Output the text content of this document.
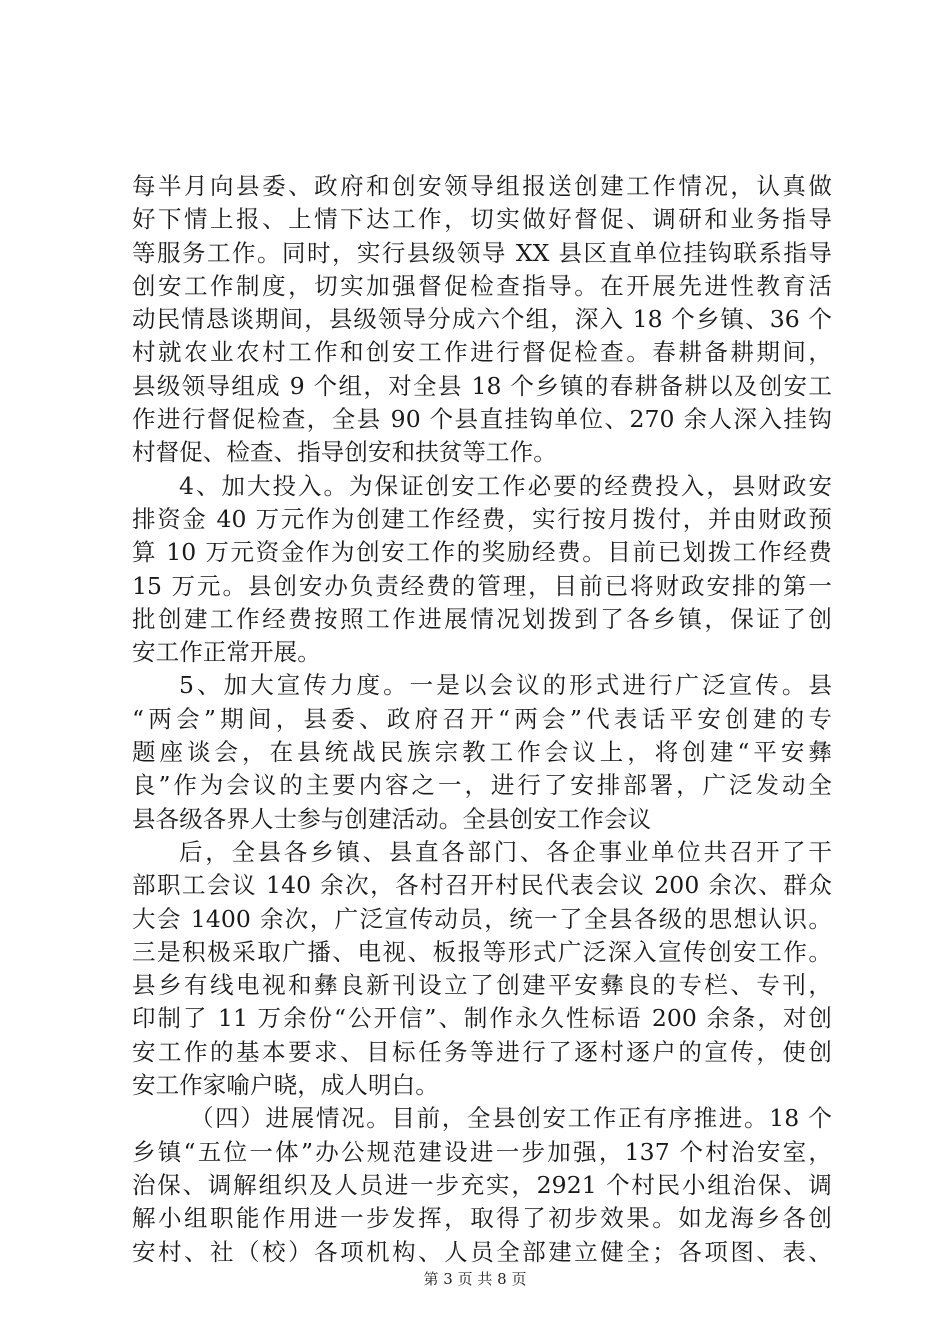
每半月向县委、政府和创安领导组报送创建工作情况，认真做
好下情上报、上情下达工作，切实做好督促、调研和业务指导
等服务工作。同时，实行县级领导 XX 县区直单位挂钩联系指导
创安工作制度，切实加强督促检查指导。在开展先进性教育活
动民情恳谈期间，县级领导分成六个组，深入 18 个乡镇、36 个
村就农业农村工作和创安工作进行督促检查。春耕备耕期间，
县级领导组成 9 个组，对全县 18 个乡镇的春耕备耕以及创安工
作进行督促检查，全县 90 个县直挂钩单位、270 余人深入挂钩
村督促、检查、指导创安和扶贫等工作。
4、加大投入。为保证创安工作必要的经费投入，县财政安
排资金 40 万元作为创建工作经费，实行按月拨付，并由财政预
算 10 万元资金作为创安工作的奖励经费。目前已划拨工作经费
15 万元。县创安办负责经费的管理，目前已将财政安排的第一
批创建工作经费按照工作进展情况划拨到了各乡镇，保证了创
安工作正常开展。
5、加大宣传力度。一是以会议的形式进行广泛宣传。县
“两会”期间，县委、政府召开“两会”代表话平安创建的专
题座谈会，在县统战民族宗教工作会议上，将创建“平安彝
良”作为会议的主要内容之一，进行了安排部署，广泛发动全
县各级各界人士参与创建活动。全县创安工作会议
后，全县各乡镇、县直各部门、各企事业单位共召开了干
部职工会议 140 余次，各村召开村民代表会议 200 余次、群众
大会 1400 余次，广泛宣传动员，统一了全县各级的思想认识。
三是积极采取广播、电视、板报等形式广泛深入宣传创安工作。
县乡有线电视和彝良新刊设立了创建平安彝良的专栏、专刊，
印制了 11 万余份“公开信”、制作永久性标语 200 余条，对创
安工作的基本要求、目标任务等进行了逐村逐户的宣传，使创
安工作家喻户晓，成人明白。
（四）进展情况。目前，全县创安工作正有序推进。18 个
乡镇“五位一体”办公规范建设进一步加强，137 个村治安室，
治保、调解组织及人员进一步充实，2921 个村民小组治保、调
解小组职能作用进一步发挥，取得了初步效果。如龙海乡各创
安村、社（校）各项机构、人员全部建立健全；各项图、表、
第 3 页 共 8 页
